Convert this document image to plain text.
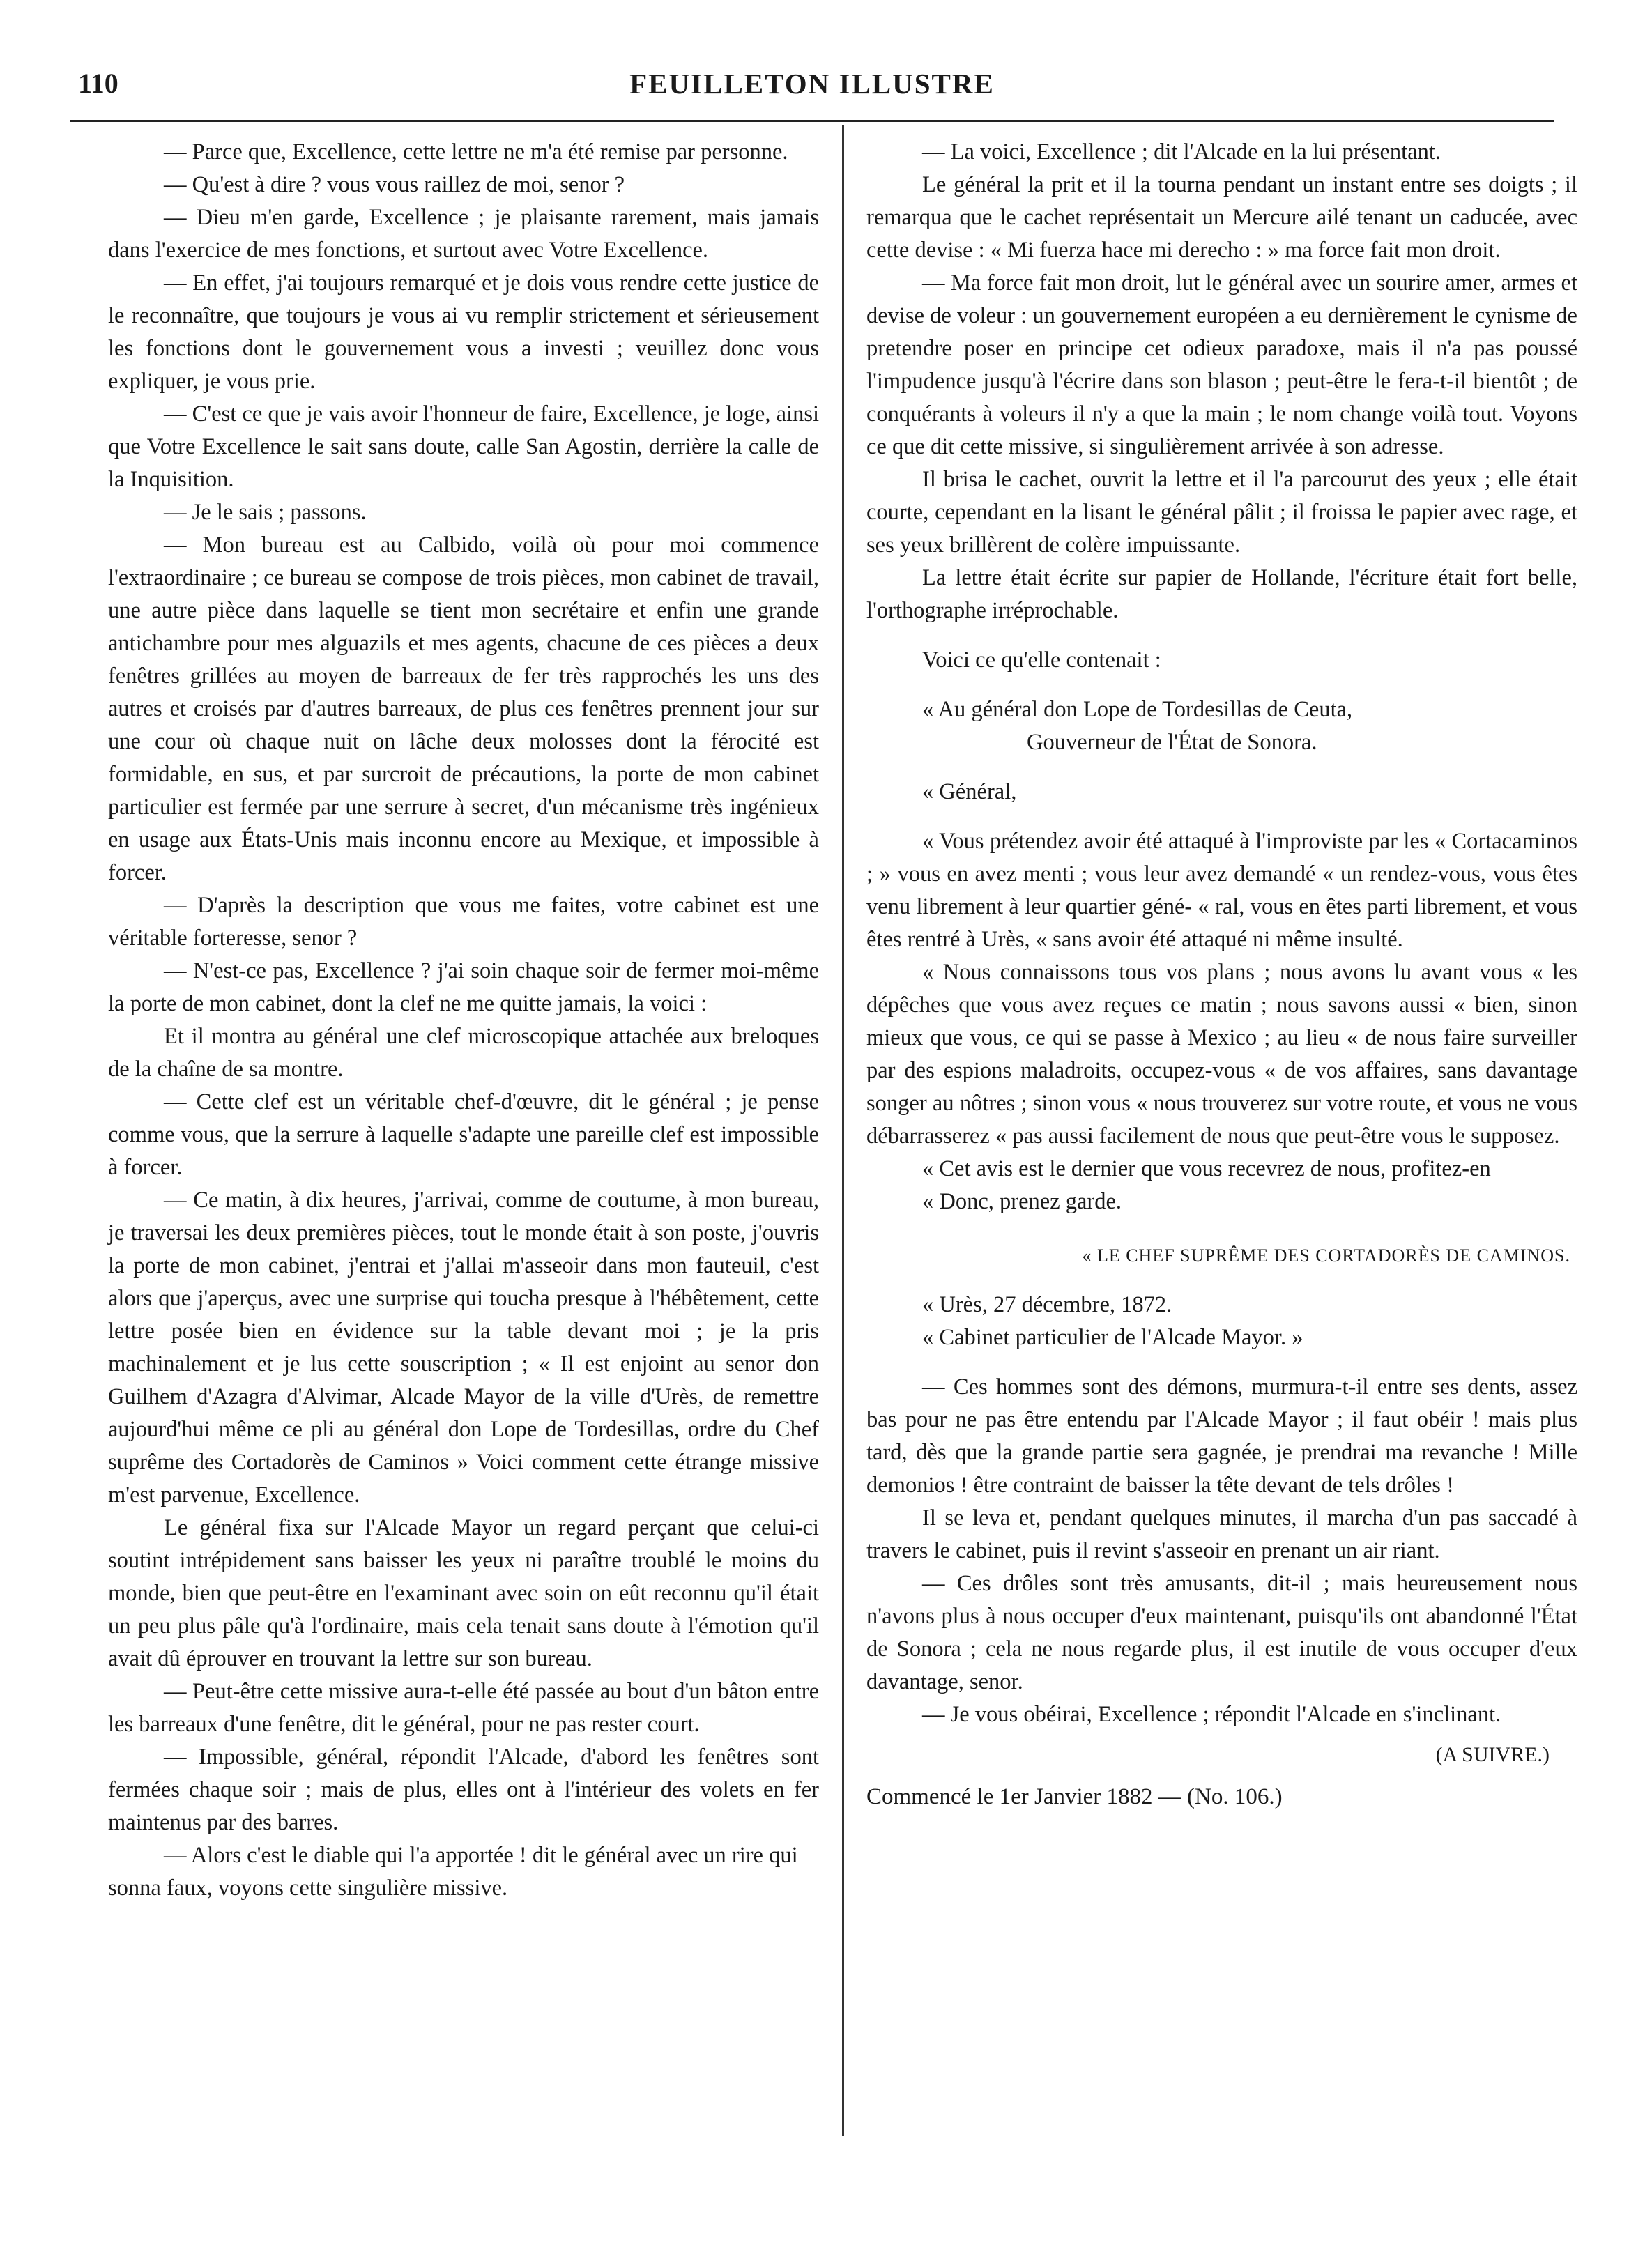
110	FEUILLETON ILLUSTRE

— Parce que, Excellence, cette lettre ne m'a été remise par personne.

— Qu'est à dire ? vous vous raillez de moi, senor ?

— Dieu m'en garde, Excellence ; je plaisante rarement, mais jamais dans l'exercice de mes fonctions, et surtout avec Votre Excellence.

— En effet, j'ai toujours remarqué et je dois vous rendre cette justice de le reconnaître, que toujours je vous ai vu remplir strictement et sérieusement les fonctions dont le gouvernement vous a investi ; veuillez donc vous expliquer, je vous prie.

— C'est ce que je vais avoir l'honneur de faire, Excellence, je loge, ainsi que Votre Excellence le sait sans doute, calle San Agostin, derrière la calle de la Inquisition.

— Je le sais ; passons.

— Mon bureau est au Calbido, voilà où pour moi commence l'extraordinaire ; ce bureau se compose de trois pièces, mon cabinet de travail, une autre pièce dans laquelle se tient mon secrétaire et enfin une grande antichambre pour mes alguazils et mes agents, chacune de ces pièces a deux fenêtres grillées au moyen de barreaux de fer très rapprochés les uns des autres et croisés par d'autres barreaux, de plus ces fenêtres prennent jour sur une cour où chaque nuit on lâche deux molosses dont la férocité est formidable, en sus, et par surcroit de précautions, la porte de mon cabinet particulier est fermée par une serrure à secret, d'un mécanisme très ingénieux en usage aux États-Unis mais inconnu encore au Mexique, et impossible à forcer.

— D'après la description que vous me faites, votre cabinet est une véritable forteresse, senor ?

— N'est-ce pas, Excellence ? j'ai soin chaque soir de fermer moi-même la porte de mon cabinet, dont la clef ne me quitte jamais, la voici :

Et il montra au général une clef microscopique attachée aux breloques de la chaîne de sa montre.

— Cette clef est un véritable chef-d'œuvre, dit le général ; je pense comme vous, que la serrure à laquelle s'adapte une pareille clef est impossible à forcer.

— Ce matin, à dix heures, j'arrivai, comme de coutume, à mon bureau, je traversai les deux premières pièces, tout le monde était à son poste, j'ouvris la porte de mon cabinet, j'entrai et j'allai m'asseoir dans mon fauteuil, c'est alors que j'aperçus, avec une surprise qui toucha presque à l'hébêtement, cette lettre posée bien en évidence sur la table devant moi ; je la pris machinalement et je lus cette souscription ; « Il est enjoint au senor don Guilhem d'Azagra d'Alvimar, Alcade Mayor de la ville d'Urès, de remettre aujourd'hui même ce pli au général don Lope de Tordesillas, ordre du Chef suprême des Cortadorès de Caminos » Voici comment cette étrange missive m'est parvenue, Excellence.

Le général fixa sur l'Alcade Mayor un regard perçant que celui-ci soutint intrépidement sans baisser les yeux ni paraître troublé le moins du monde, bien que peut-être en l'examinant avec soin on eût reconnu qu'il était un peu plus pâle qu'à l'ordinaire, mais cela tenait sans doute à l'émotion qu'il avait dû éprouver en trouvant la lettre sur son bureau.

— Peut-être cette missive aura-t-elle été passée au bout d'un bâton entre les barreaux d'une fenêtre, dit le général, pour ne pas rester court.

— Impossible, général, répondit l'Alcade, d'abord les fenêtres sont fermées chaque soir ; mais de plus, elles ont à l'intérieur des volets en fer maintenus par des barres.

— Alors c'est le diable qui l'a apportée ! dit le général avec un rire qui sonna faux, voyons cette singulière missive.

— La voici, Excellence ; dit l'Alcade en la lui présentant.

Le général la prit et il la tourna pendant un instant entre ses doigts ; il remarqua que le cachet représentait un Mercure ailé tenant un caducée, avec cette devise : « Mi fuerza hace mi derecho : » ma force fait mon droit.

— Ma force fait mon droit, lut le général avec un sourire amer, armes et devise de voleur : un gouvernement européen a eu dernièrement le cynisme de pretendre poser en principe cet odieux paradoxe, mais il n'a pas poussé l'impudence jusqu'à l'écrire dans son blason ; peut-être le fera-t-il bientôt ; de conquérants à voleurs il n'y a que la main ; le nom change voilà tout. Voyons ce que dit cette missive, si singulièrement arrivée à son adresse.

Il brisa le cachet, ouvrit la lettre et il l'a parcourut des yeux ; elle était courte, cependant en la lisant le général pâlit ; il froissa le papier avec rage, et ses yeux brillèrent de colère impuissante.

La lettre était écrite sur papier de Hollande, l'écriture était fort belle, l'orthographe irréprochable.

Voici ce qu'elle contenait :

« Au général don Lope de Tordesillas de Ceuta,

Gouverneur de l'État de Sonora.

« Général,

« Vous prétendez avoir été attaqué à l'improviste par les « Cortacaminos ; » vous en avez menti ; vous leur avez demandé « un rendez-vous, vous êtes venu librement à leur quartier géné- « ral, vous en êtes parti librement, et vous êtes rentré à Urès, « sans avoir été attaqué ni même insulté.

« Nous connaissons tous vos plans ; nous avons lu avant vous « les dépêches que vous avez reçues ce matin ; nous savons aussi « bien, sinon mieux que vous, ce qui se passe à Mexico ; au lieu « de nous faire surveiller par des espions maladroits, occupez-vous « de vos affaires, sans davantage songer au nôtres ; sinon vous « nous trouverez sur votre route, et vous ne vous débarrasserez « pas aussi facilement de nous que peut-être vous le supposez.

« Cet avis est le dernier que vous recevrez de nous, profitez-en

« Donc, prenez garde.

« LE CHEF SUPRÊME DES CORTADORÈS DE CAMINOS.

« Urès, 27 décembre, 1872.

« Cabinet particulier de l'Alcade Mayor. »

— Ces hommes sont des démons, murmura-t-il entre ses dents, assez bas pour ne pas être entendu par l'Alcade Mayor ; il faut obéir ! mais plus tard, dès que la grande partie sera gagnée, je prendrai ma revanche ! Mille demonios ! être contraint de baisser la tête devant de tels drôles !

Il se leva et, pendant quelques minutes, il marcha d'un pas saccadé à travers le cabinet, puis il revint s'asseoir en prenant un air riant.

— Ces drôles sont très amusants, dit-il ; mais heureusement nous n'avons plus à nous occuper d'eux maintenant, puisqu'ils ont abandonné l'État de Sonora ; cela ne nous regarde plus, il est inutile de vous occuper d'eux davantage, senor.

— Je vous obéirai, Excellence ; répondit l'Alcade en s'inclinant.

(A SUIVRE.)

Commencé le 1er Janvier 1882 — (No. 106.)
